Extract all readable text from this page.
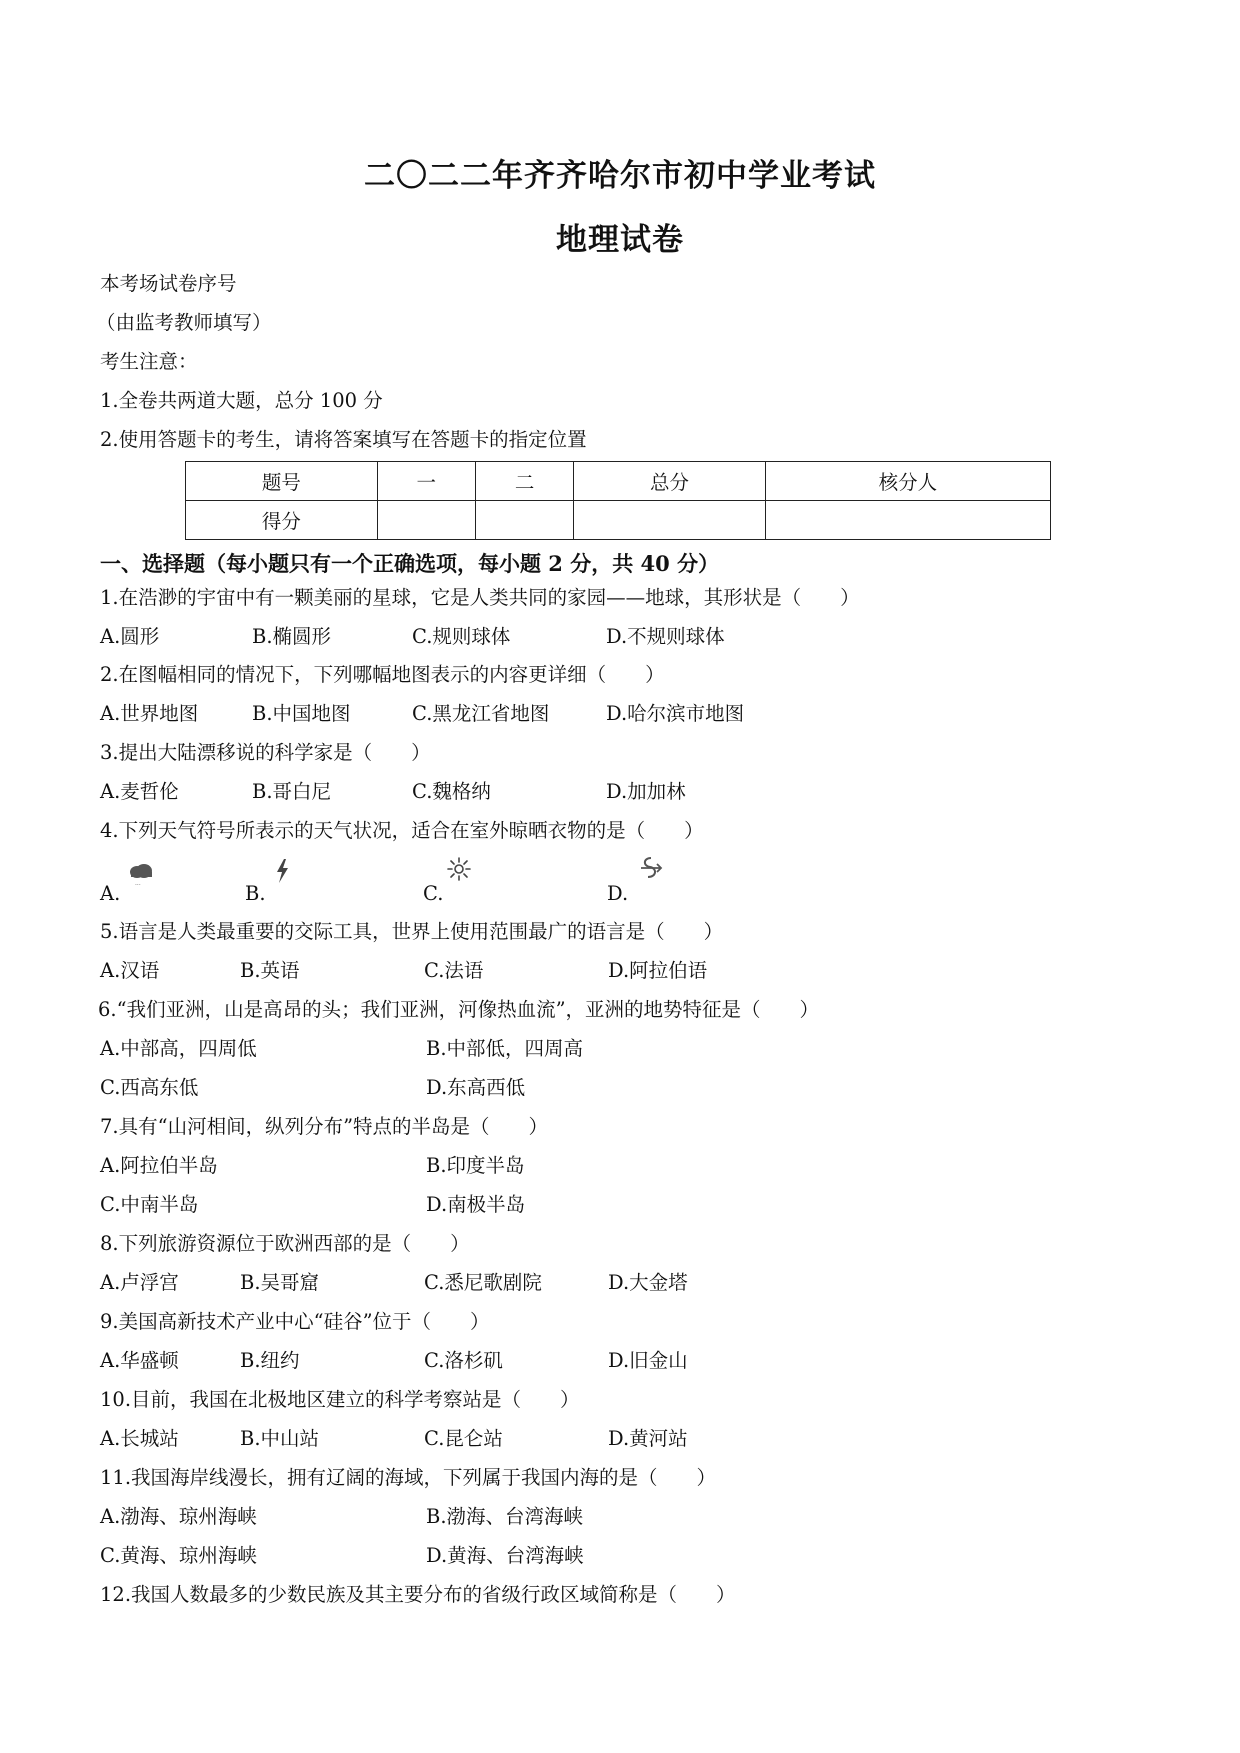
二〇二二年齐齐哈尔市初中学业考试
地理试卷
本考场试卷序号
（由监考教师填写）
考生注意：
1.全卷共两道大题，总分 100 分
2.使用答题卡的考生，请将答案填写在答题卡的指定位置
题号	一	二	总分	核分人
得分				
一、选择题（每小题只有一个正确选项，每小题 2 分，共 40 分）
1.在浩渺的宇宙中有一颗美丽的星球，它是人类共同的家园——地球，其形状是（　　）
A.圆形	B.椭圆形	C.规则球体	D.不规则球体
2.在图幅相同的情况下，下列哪幅地图表示的内容更详细（　　）
A.世界地图	B.中国地图	C.黑龙江省地图	D.哈尔滨市地图
3.提出大陆漂移说的科学家是（　　）
A.麦哲伦	B.哥白尼	C.魏格纳	D.加加林
4.下列天气符号所表示的天气状况，适合在室外晾晒衣物的是（　　）
A. ...	B.	C.	D.
5.语言是人类最重要的交际工具，世界上使用范围最广的语言是（　　）
A.汉语	B.英语	C.法语	D.阿拉伯语
6.“我们亚洲，山是高昂的头；我们亚洲，河像热血流”，亚洲的地势特征是（　　）
A.中部高，四周低	B.中部低，四周高
C.西高东低	D.东高西低
7.具有“山河相间，纵列分布”特点的半岛是（　　）
A.阿拉伯半岛	B.印度半岛
C.中南半岛	D.南极半岛
8.下列旅游资源位于欧洲西部的是（　　）
A.卢浮宫	B.吴哥窟	C.悉尼歌剧院	D.大金塔
9.美国高新技术产业中心“硅谷”位于（　　）
A.华盛顿	B.纽约	C.洛杉矶	D.旧金山
10.目前，我国在北极地区建立的科学考察站是（　　）
A.长城站	B.中山站	C.昆仑站	D.黄河站
11.我国海岸线漫长，拥有辽阔的海域，下列属于我国内海的是（　　）
A.渤海、琼州海峡	B.渤海、台湾海峡
C.黄海、琼州海峡	D.黄海、台湾海峡
12.我国人数最多的少数民族及其主要分布的省级行政区域简称是（　　）
